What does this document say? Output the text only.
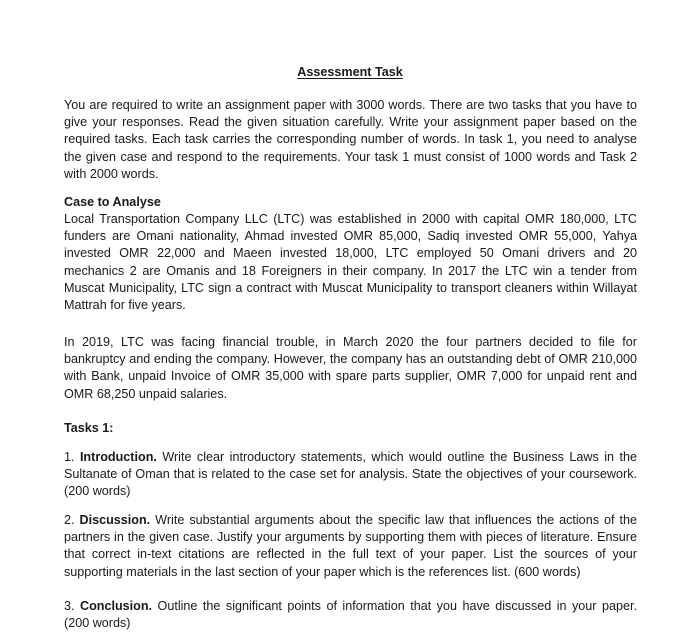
Assessment Task

You are required to write an assignment paper with 3000 words. There are two tasks that you have to give your responses. Read the given situation carefully. Write your assignment paper based on the required tasks. Each task carries the corresponding number of words. In task 1, you need to analyse the given case and respond to the requirements. Your task 1 must consist of 1000 words and Task 2 with 2000 words.

Case to Analyse

Local Transportation Company LLC (LTC) was established in 2000 with capital OMR 180,000, LTC funders are Omani nationality, Ahmad invested OMR 85,000, Sadiq invested OMR 55,000, Yahya invested OMR 22,000 and Maeen invested 18,000, LTC employed 50 Omani drivers and 20 mechanics 2 are Omanis and 18 Foreigners in their company. In 2017 the LTC win a tender from Muscat Municipality, LTC sign a contract with Muscat Municipality to transport cleaners within Willayat Mattrah for five years.

In 2019, LTC was facing financial trouble, in March 2020 the four partners decided to file for bankruptcy and ending the company. However, the company has an outstanding debt of OMR 210,000 with Bank, unpaid Invoice of OMR 35,000 with spare parts supplier, OMR 7,000 for unpaid rent and OMR 68,250 unpaid salaries.

Tasks 1:

1. Introduction. Write clear introductory statements, which would outline the Business Laws in the Sultanate of Oman that is related to the case set for analysis. State the objectives of your coursework. (200 words)

2. Discussion. Write substantial arguments about the specific law that influences the actions of the partners in the given case. Justify your arguments by supporting them with pieces of literature. Ensure that correct in-text citations are reflected in the full text of your paper. List the sources of your supporting materials in the last section of your paper which is the references list. (600 words)

3. Conclusion. Outline the significant points of information that you have discussed in your paper. (200 words)
